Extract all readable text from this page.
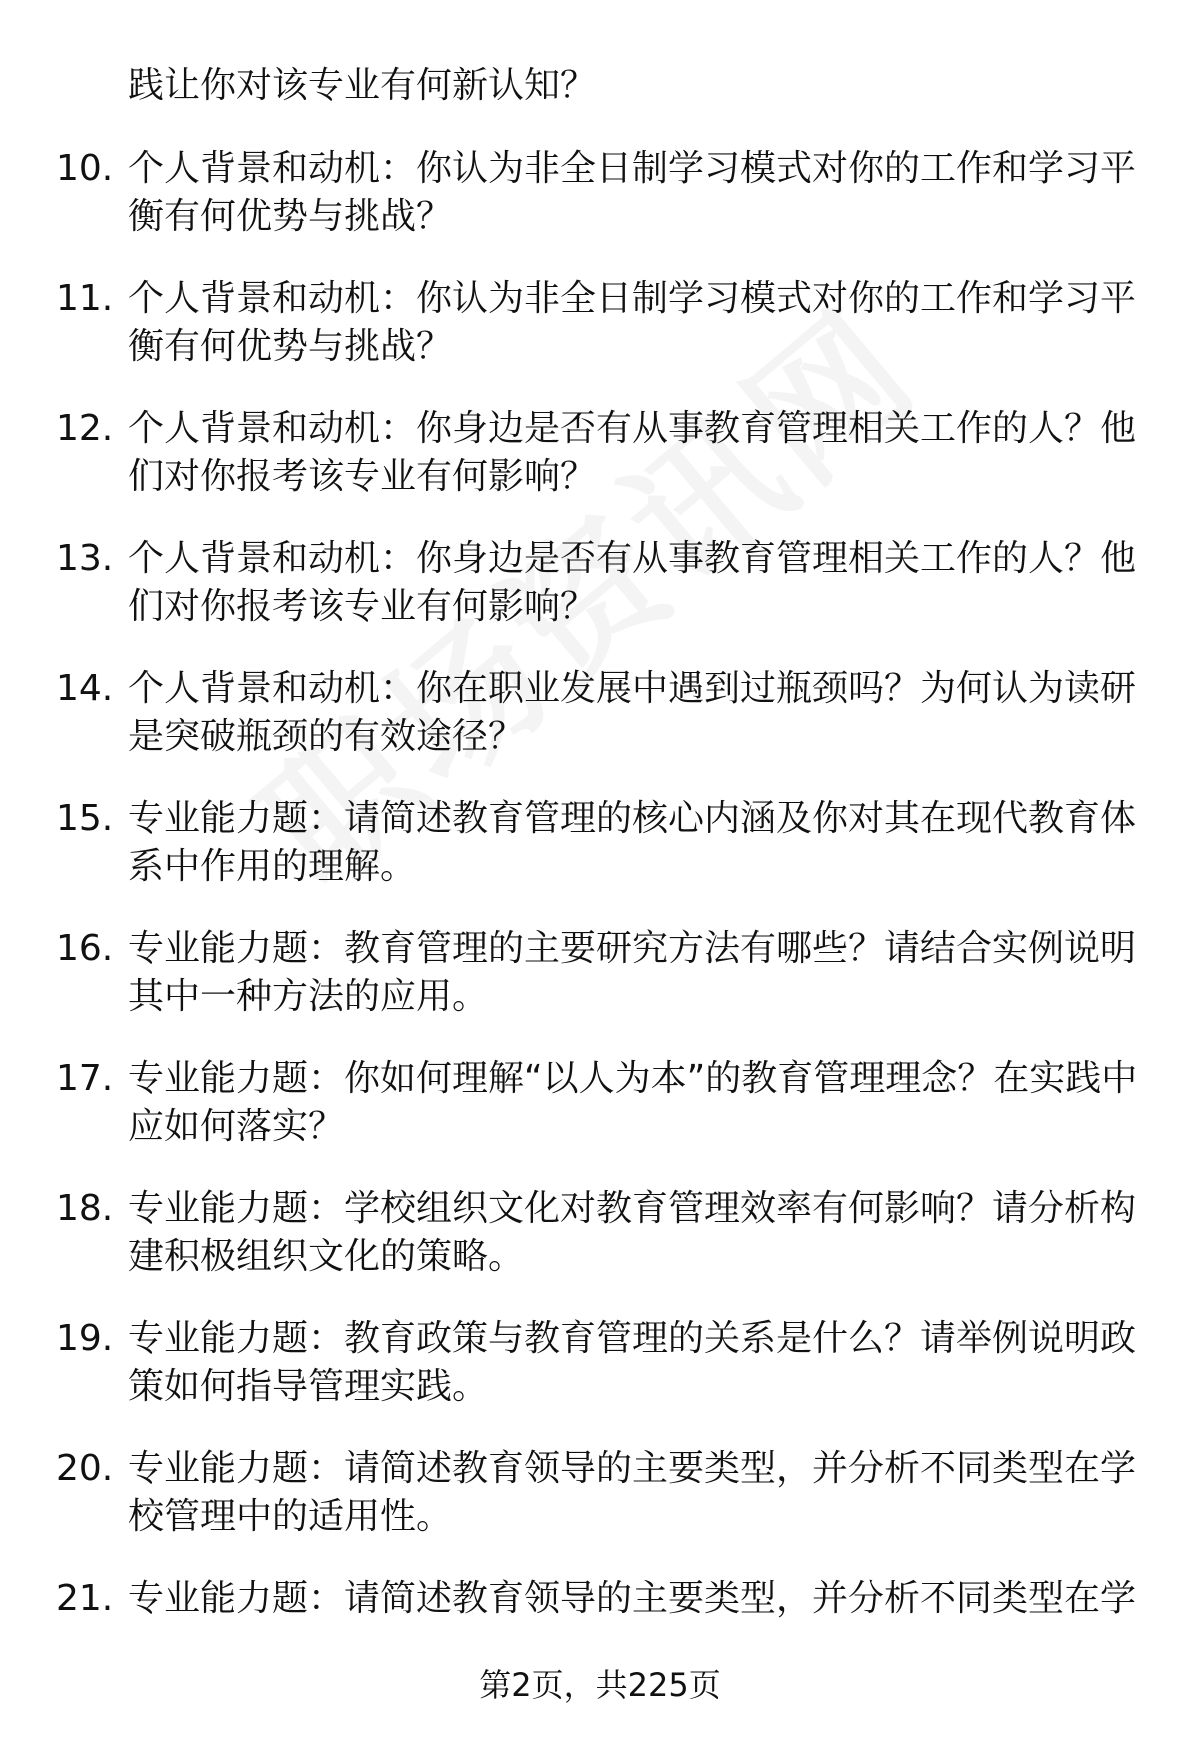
践让你对该专业有何新认知？
10. 个人背景和动机：你认为非全日制学习模式对你的工作和学习平衡有何优势与挑战？
11. 个人背景和动机：你认为非全日制学习模式对你的工作和学习平衡有何优势与挑战？
12. 个人背景和动机：你身边是否有从事教育管理相关工作的人？他们对你报考该专业有何影响？
13. 个人背景和动机：你身边是否有从事教育管理相关工作的人？他们对你报考该专业有何影响？
14. 个人背景和动机：你在职业发展中遇到过瓶颈吗？为何认为读研是突破瓶颈的有效途径？
15. 专业能力题：请简述教育管理的核心内涵及你对其在现代教育体系中作用的理解。
16. 专业能力题：教育管理的主要研究方法有哪些？请结合实例说明其中一种方法的应用。
17. 专业能力题：你如何理解“以人为本”的教育管理理念？在实践中应如何落实？
18. 专业能力题：学校组织文化对教育管理效率有何影响？请分析构建积极组织文化的策略。
19. 专业能力题：教育政策与教育管理的关系是什么？请举例说明政策如何指导管理实践。
20. 专业能力题：请简述教育领导的主要类型，并分析不同类型在学校管理中的适用性。
21. 专业能力题：请简述教育领导的主要类型，并分析不同类型在学
第2页，共225页
